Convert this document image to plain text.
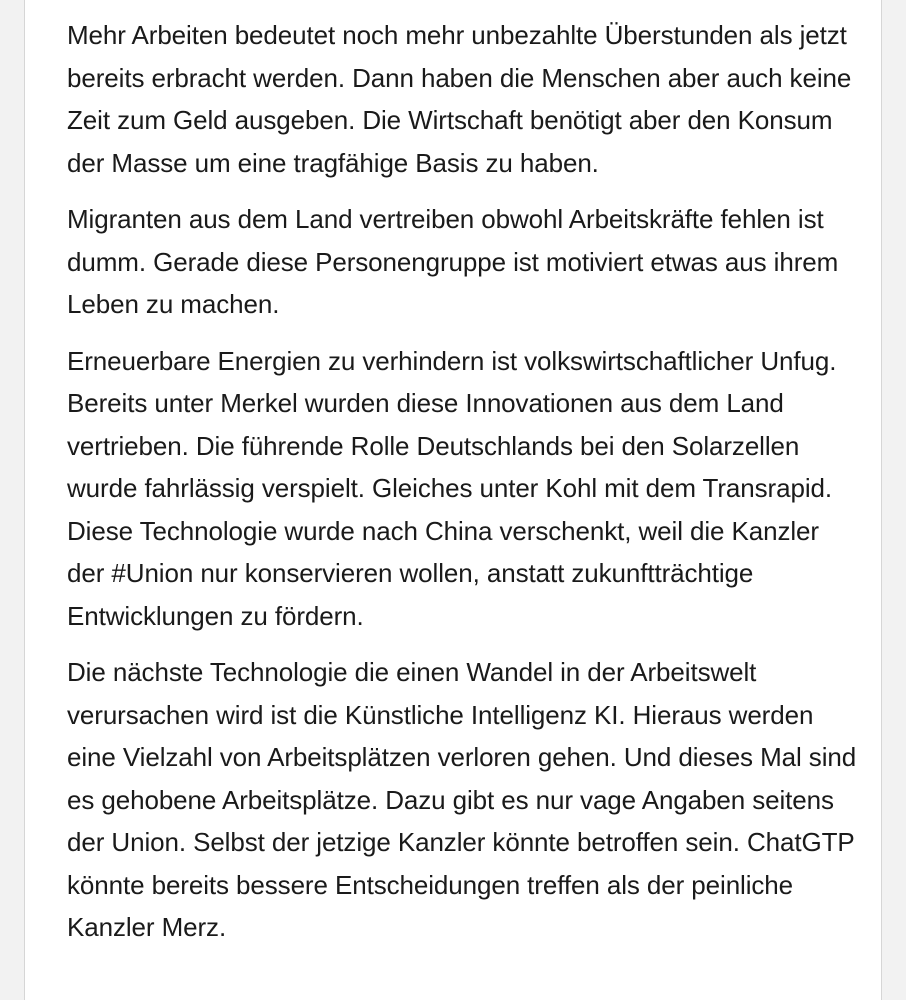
Mehr Arbeiten bedeutet noch mehr unbezahlte Überstunden als jetzt bereits erbracht werden. Dann haben die Menschen aber auch keine Zeit zum Geld ausgeben. Die Wirtschaft benötigt aber den Konsum der Masse um eine tragfähige Basis zu haben.

Migranten aus dem Land vertreiben obwohl Arbeitskräfte fehlen ist dumm. Gerade diese Personengruppe ist motiviert etwas aus ihrem Leben zu machen.

Erneuerbare Energien zu verhindern ist volkswirtschaftlicher Unfug. Bereits unter Merkel wurden diese Innovationen aus dem Land vertrieben. Die führende Rolle Deutschlands bei den Solarzellen wurde fahrlässig verspielt. Gleiches unter Kohl mit dem Transrapid. Diese Technologie wurde nach China verschenkt, weil die Kanzler der #Union nur konservieren wollen, anstatt zukunftträchtige Entwicklungen zu fördern.

Die nächste Technologie die einen Wandel in der Arbeitswelt verursachen wird ist die Künstliche Intelligenz KI. Hieraus werden eine Vielzahl von Arbeitsplätzen verloren gehen. Und dieses Mal sind es gehobene Arbeitsplätze. Dazu gibt es nur vage Angaben seitens der Union. Selbst der jetzige Kanzler könnte betroffen sein. ChatGTP könnte bereits bessere Entscheidungen treffen als der peinliche Kanzler Merz.
